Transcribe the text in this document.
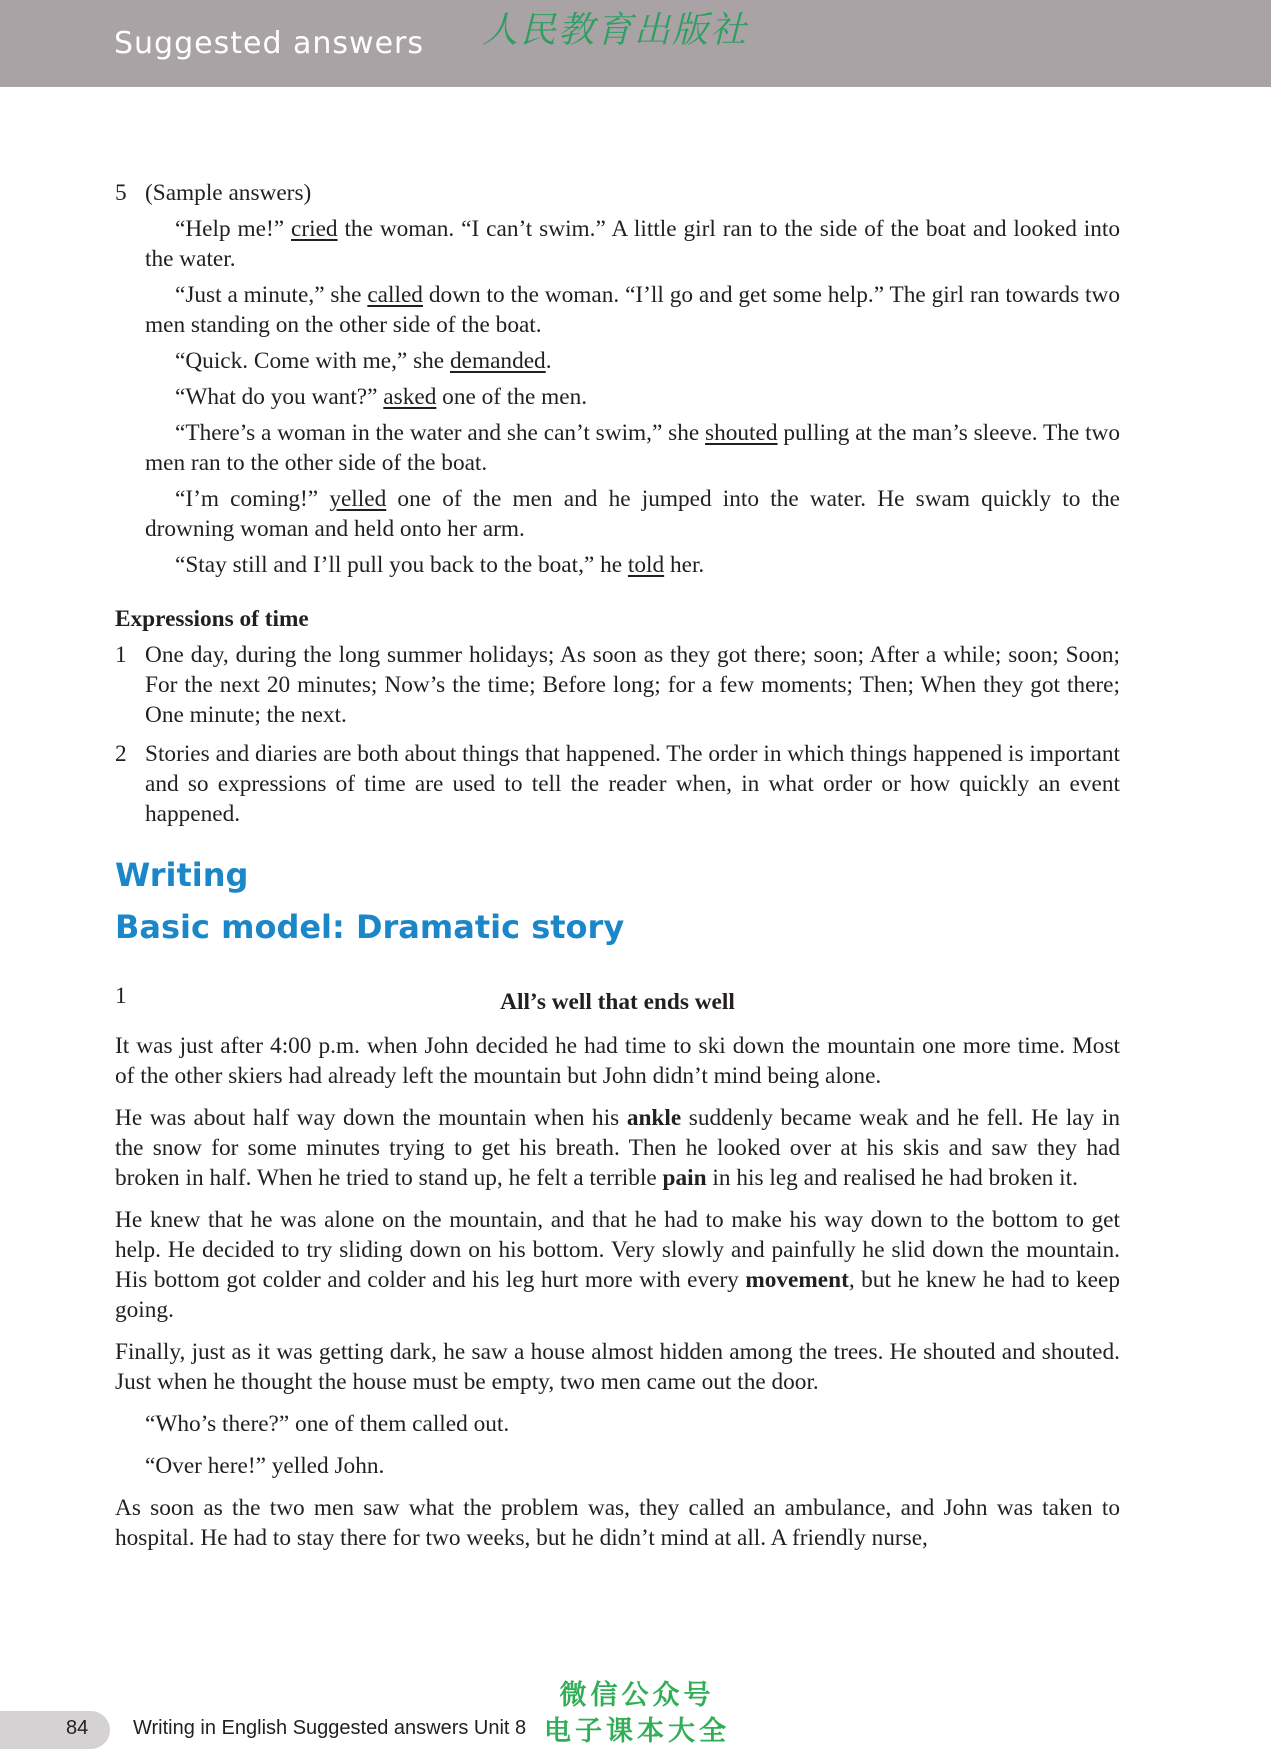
Suggested answers 人民教育出版社
5 (Sample answers)

“Help me!” cried the woman. “I can’t swim.” A little girl ran to the side of the boat and looked into the water.

“Just a minute,” she called down to the woman. “I’ll go and get some help.” The girl ran towards two men standing on the other side of the boat.

“Quick. Come with me,” she demanded.

“What do you want?” asked one of the men.

“There’s a woman in the water and she can’t swim,” she shouted pulling at the man’s sleeve. The two men ran to the other side of the boat.

“I’m coming!” yelled one of the men and he jumped into the water. He swam quickly to the drowning woman and held onto her arm.

“Stay still and I’ll pull you back to the boat,” he told her.

Expressions of time
1 One day, during the long summer holidays; As soon as they got there; soon; After a while; soon; Soon; For the next 20 minutes; Now’s the time; Before long; for a few moments; Then; When they got there; One minute; the next.
2 Stories and diaries are both about things that happened. The order in which things happened is important and so expressions of time are used to tell the reader when, in what order or how quickly an event happened.
Writing
Basic model: Dramatic story
1	All’s well that ends well

It was just after 4:00 p.m. when John decided he had time to ski down the mountain one more time. Most of the other skiers had already left the mountain but John didn’t mind being alone.

He was about half way down the mountain when his ankle suddenly became weak and he fell. He lay in the snow for some minutes trying to get his breath. Then he looked over at his skis and saw they had broken in half. When he tried to stand up, he felt a terrible pain in his leg and realised he had broken it.

He knew that he was alone on the mountain, and that he had to make his way down to the bottom to get help. He decided to try sliding down on his bottom. Very slowly and painfully he slid down the mountain. His bottom got colder and colder and his leg hurt more with every movement, but he knew he had to keep going.

Finally, just as it was getting dark, he saw a house almost hidden among the trees. He shouted and shouted. Just when he thought the house must be empty, two men came out the door.

“Who’s there?” one of them called out.

“Over here!” yelled John.

As soon as the two men saw what the problem was, they called an ambulance, and John was taken to hospital. He had to stay there for two weeks, but he didn’t mind at all. A friendly nurse,

84 Writing in English Suggested answers Unit 8
微信公众号
电子课本大全
